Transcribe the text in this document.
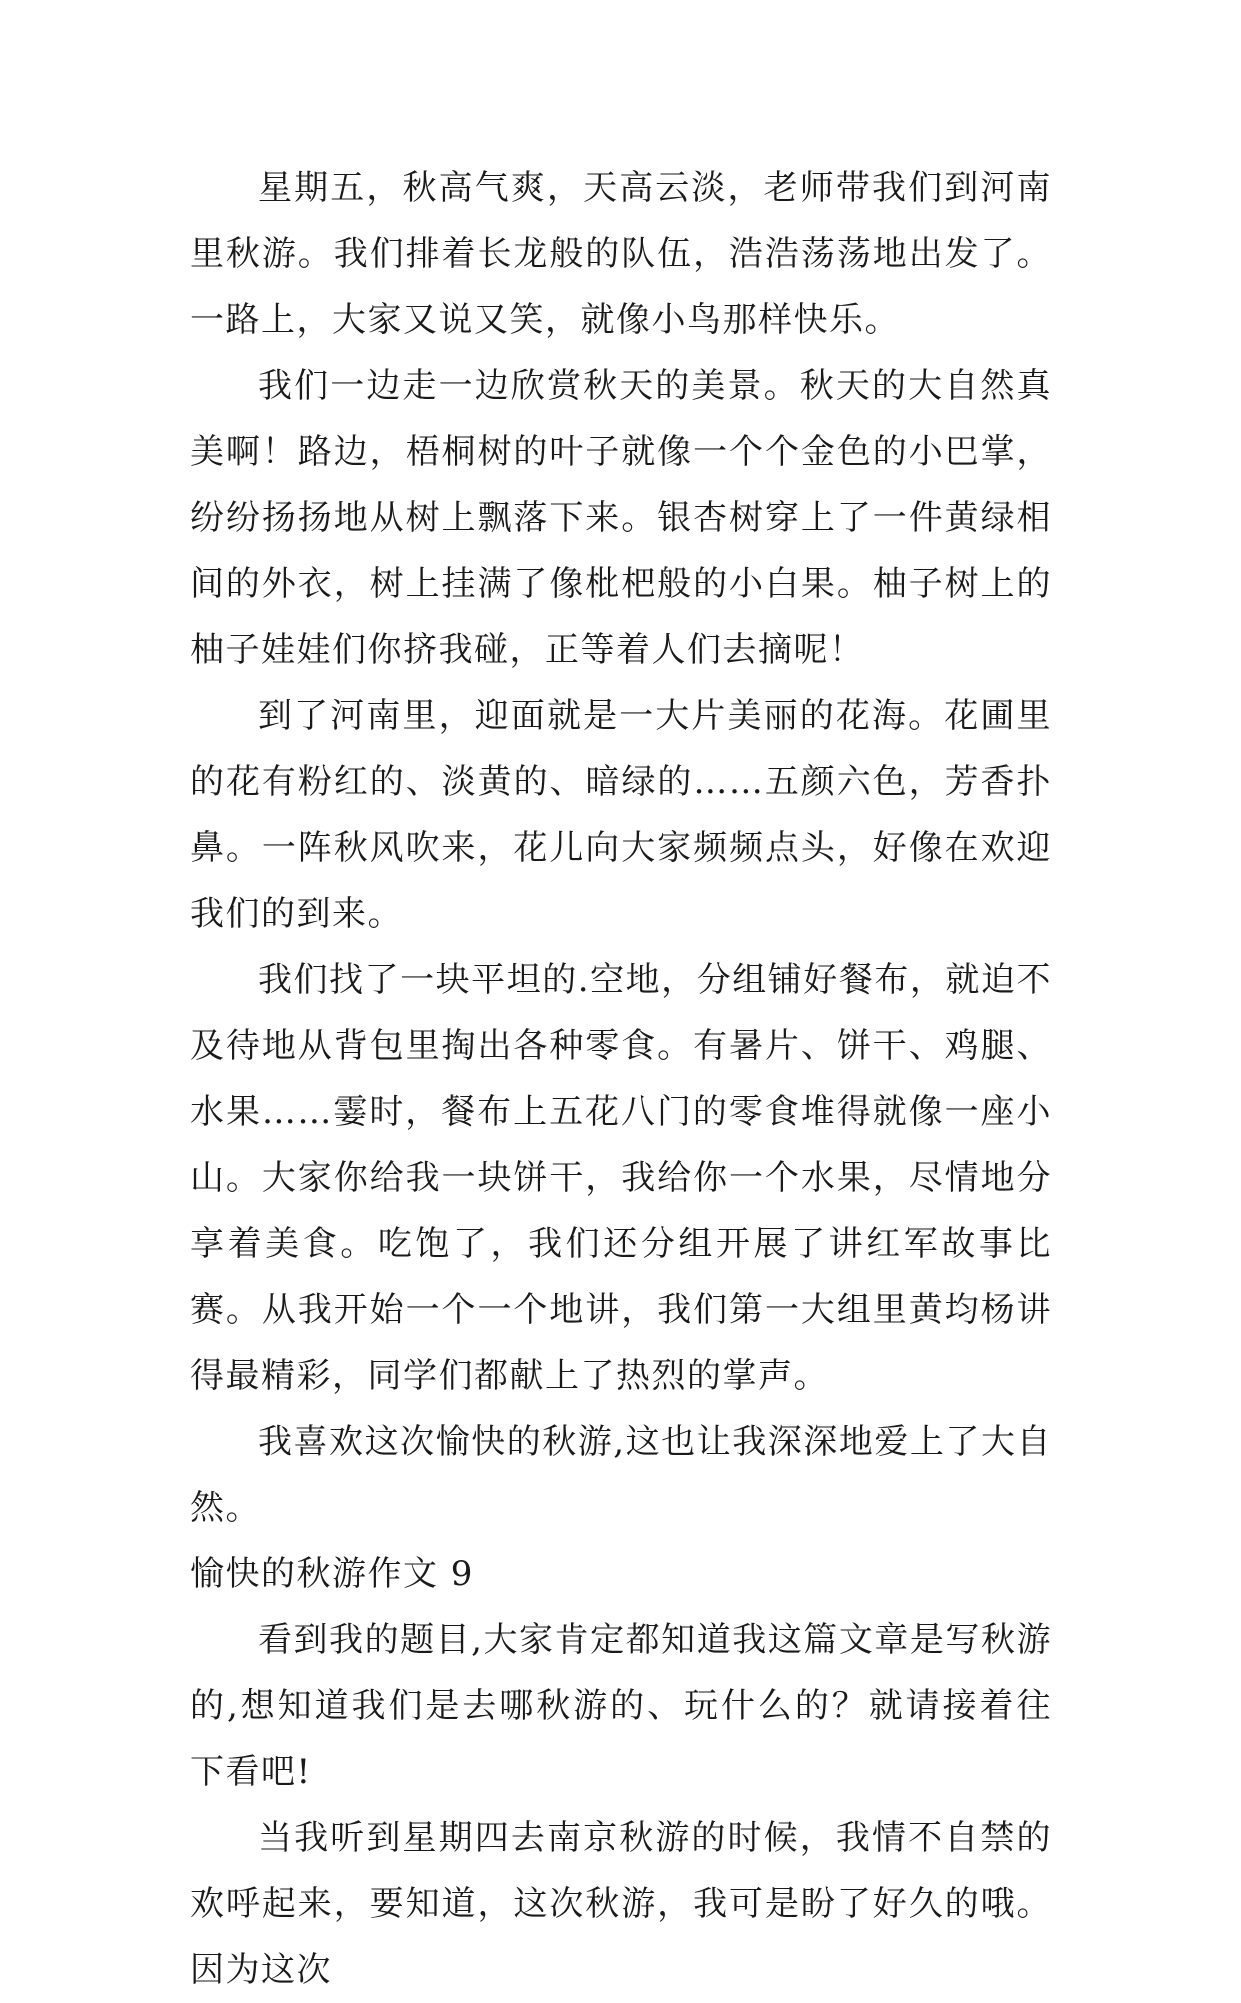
星期五，秋高气爽，天高云淡，老师带我们到河南里秋游。我们排着长龙般的队伍，浩浩荡荡地出发了。一路上，大家又说又笑，就像小鸟那样快乐。

我们一边走一边欣赏秋天的美景。秋天的大自然真美啊！路边，梧桐树的叶子就像一个个金色的小巴掌，纷纷扬扬地从树上飘落下来。银杏树穿上了一件黄绿相间的外衣，树上挂满了像枇杷般的小白果。柚子树上的柚子娃娃们你挤我碰，正等着人们去摘呢！

到了河南里，迎面就是一大片美丽的花海。花圃里的花有粉红的、淡黄的、暗绿的……五颜六色，芳香扑鼻。一阵秋风吹来，花儿向大家频频点头，好像在欢迎我们的到来。

我们找了一块平坦的.空地，分组铺好餐布，就迫不及待地从背包里掏出各种零食。有暑片、饼干、鸡腿、水果……霎时，餐布上五花八门的零食堆得就像一座小山。大家你给我一块饼干，我给你一个水果，尽情地分享着美食。吃饱了，我们还分组开展了讲红军故事比赛。从我开始一个一个地讲，我们第一大组里黄均杨讲得最精彩，同学们都献上了热烈的掌声。

我喜欢这次愉快的秋游,这也让我深深地爱上了大自然。

愉快的秋游作文 9

看到我的题目,大家肯定都知道我这篇文章是写秋游的,想知道我们是去哪秋游的、玩什么的？就请接着往下看吧!

当我听到星期四去南京秋游的时候，我情不自禁的欢呼起来，要知道，这次秋游，我可是盼了好久的哦。因为这次
